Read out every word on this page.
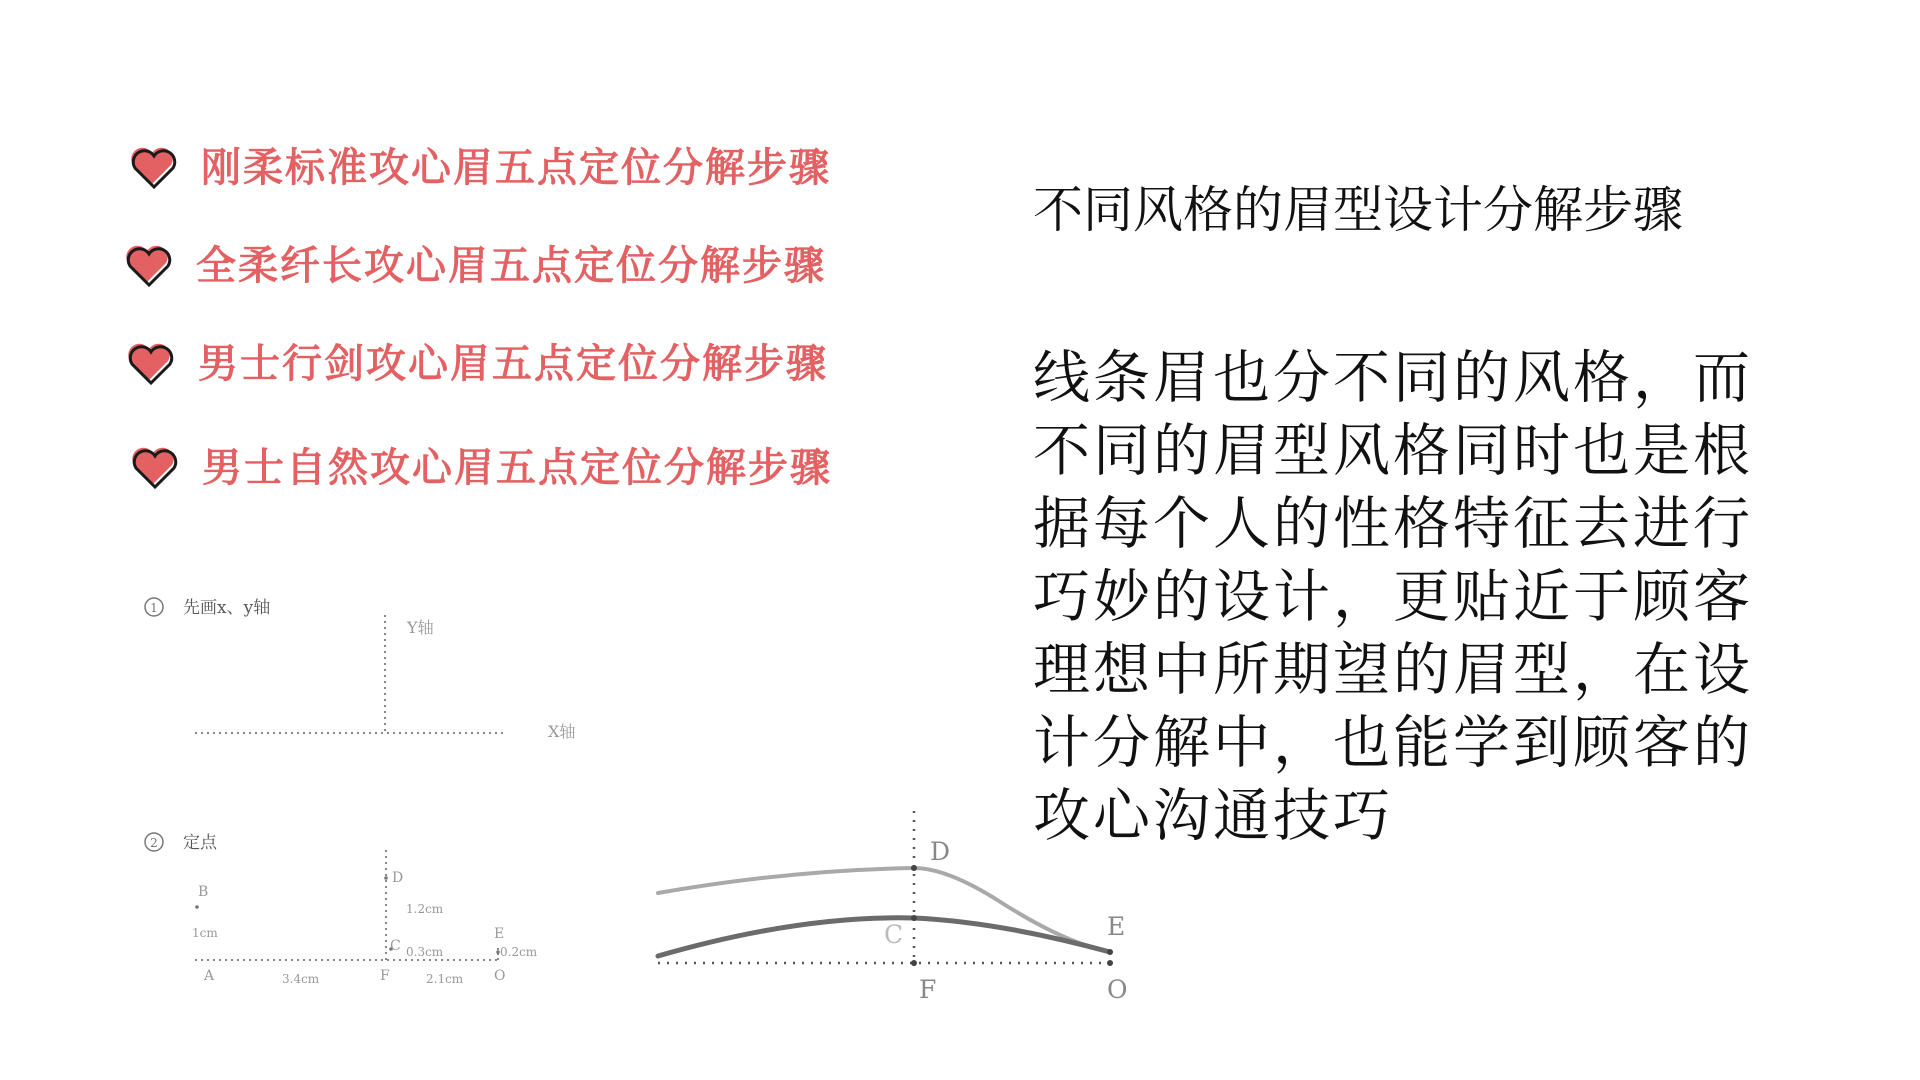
刚柔标准攻心眉五点定位分解步骤
全柔纤长攻心眉五点定位分解步骤
男士行剑攻心眉五点定位分解步骤
男士自然攻心眉五点定位分解步骤
不同风格的眉型设计分解步骤
线条眉也分不同的风格，而不同的眉型风格同时也是根据每个人的性格特征去进行巧妙的设计，更贴近于顾客理想中所期望的眉型，在设计分解中，也能学到顾客的攻心沟通技巧
1 先画x、y轴
Y轴
X轴
2 定点
B
D
C
E
A	F	O
1cm
1.2cm
0.3cm	0.2cm
3.4cm	2.1cm
D
C	E
F	O
